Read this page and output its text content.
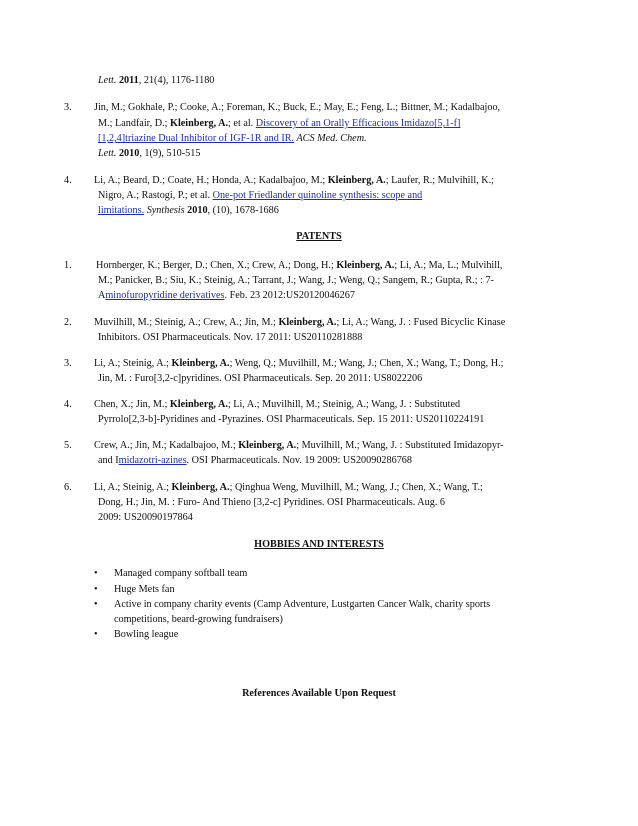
Lett. 2011, 21(4), 1176-1180
3. Jin, M.; Gokhale, P.; Cooke, A.; Foreman, K.; Buck, E.; May, E.; Feng, L.; Bittner, M.; Kadalbajoo,
M.; Landfair, D.; Kleinberg, A.; et al. Discovery of an Orally Efficacious Imidazo[5,1-f]
[1,2,4]triazine Dual Inhibitor of IGF-1R and IR. ACS Med. Chem.
Lett. 2010, 1(9), 510-515
4. Li, A.; Beard, D.; Coate, H.; Honda, A.; Kadalbajoo, M.; Kleinberg, A.; Laufer, R.; Mulvihill, K.;
Nigro, A.; Rastogi, P.; et al. One-pot Friedlander quinoline synthesis: scope and
limitations. Synthesis 2010, (10), 1678-1686
PATENTS
1. Hornberger, K.; Berger, D.; Chen, X.; Crew, A.; Dong, H.; Kleinberg, A.; Li, A.; Ma, L.; Mulvihill,
M.; Panicker, B.; Siu, K.; Steinig, A.; Tarrant, J.; Wang, J.; Weng, Q.; Sangem, R.; Gupta, R.; : 7-
Aminofuropyridine derivatives. Feb. 23 2012:US20120046267
2. Muvilhill, M.; Steinig, A.; Crew, A.; Jin, M.; Kleinberg, A.; Li, A.; Wang, J. : Fused Bicyclic Kinase
Inhibitors. OSI Pharmaceuticals. Nov. 17 2011: US20110281888
3. Li, A.; Steinig, A.; Kleinberg, A.; Weng, Q.; Muvilhill, M.; Wang, J.; Chen, X.; Wang, T.; Dong, H.;
Jin, M. : Furo[3,2-c]pyridines. OSI Pharmaceuticals. Sep. 20 2011: US8022206
4. Chen, X.; Jin, M.; Kleinberg, A.; Li, A.; Muvilhill, M.; Steinig, A.; Wang, J. : Substituted
Pyrrolo[2,3-b]-Pyridines and -Pyrazines. OSI Pharmaceuticals. Sep. 15 2011: US20110224191
5. Crew, A.; Jin, M.; Kadalbajoo, M.; Kleinberg, A.; Muvilhill, M.; Wang, J. : Substituted Imidazopyr-
and Imidazotri-azines. OSI Pharmaceuticals. Nov. 19 2009: US20090286768
6. Li, A.; Steinig, A.; Kleinberg, A.; Qinghua Weng, Muvilhill, M.; Wang, J.; Chen, X.; Wang, T.;
Dong, H.; Jin, M. : Furo- And Thieno [3,2-c] Pyridines. OSI Pharmaceuticals. Aug. 6
2009: US20090197864
HOBBIES AND INTERESTS
• Managed company softball team
• Huge Mets fan
• Active in company charity events (Camp Adventure, Lustgarten Cancer Walk, charity sports
competitions, beard-growing fundraisers)
• Bowling league
References Available Upon Request
